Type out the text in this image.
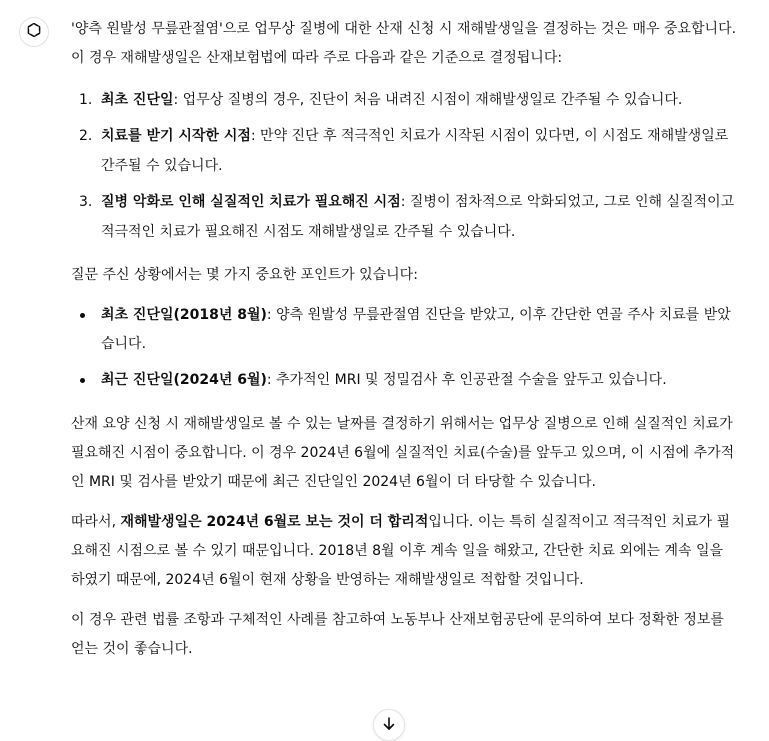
'양측 원발성 무릎관절염'으로 업무상 질병에 대한 산재 신청 시 재해발생일을 결정하는 것은 매우 중요합니다. 이 경우 재해발생일은 산재보험법에 따라 주로 다음과 같은 기준으로 결정됩니다:

1. 최초 진단일: 업무상 질병의 경우, 진단이 처음 내려진 시점이 재해발생일로 간주될 수 있습니다.
2. 치료를 받기 시작한 시점: 만약 진단 후 적극적인 치료가 시작된 시점이 있다면, 이 시점도 재해발생일로 간주될 수 있습니다.
3. 질병 악화로 인해 실질적인 치료가 필요해진 시점: 질병이 점차적으로 악화되었고, 그로 인해 실질적이고 적극적인 치료가 필요해진 시점도 재해발생일로 간주될 수 있습니다.

질문 주신 상황에서는 몇 가지 중요한 포인트가 있습니다:

최초 진단일(2018년 8월): 양측 원발성 무릎관절염 진단을 받았고, 이후 간단한 연골 주사 치료를 받았습니다.
최근 진단일(2024년 6월): 추가적인 MRI 및 정밀검사 후 인공관절 수술을 앞두고 있습니다.

산재 요양 신청 시 재해발생일로 볼 수 있는 날짜를 결정하기 위해서는 업무상 질병으로 인해 실질적인 치료가 필요해진 시점이 중요합니다. 이 경우 2024년 6월에 실질적인 치료(수술)를 앞두고 있으며, 이 시점에 추가적인 MRI 및 검사를 받았기 때문에 최근 진단일인 2024년 6월이 더 타당할 수 있습니다.

따라서, 재해발생일은 2024년 6월로 보는 것이 더 합리적입니다. 이는 특히 실질적이고 적극적인 치료가 필요해진 시점으로 볼 수 있기 때문입니다. 2018년 8월 이후 계속 일을 해왔고, 간단한 치료 외에는 계속 일을 하였기 때문에, 2024년 6월이 현재 상황을 반영하는 재해발생일로 적합할 것입니다.

이 경우 관련 법률 조항과 구체적인 사례를 참고하여 노동부나 산재보험공단에 문의하여 보다 정확한 정보를 얻는 것이 좋습니다.
